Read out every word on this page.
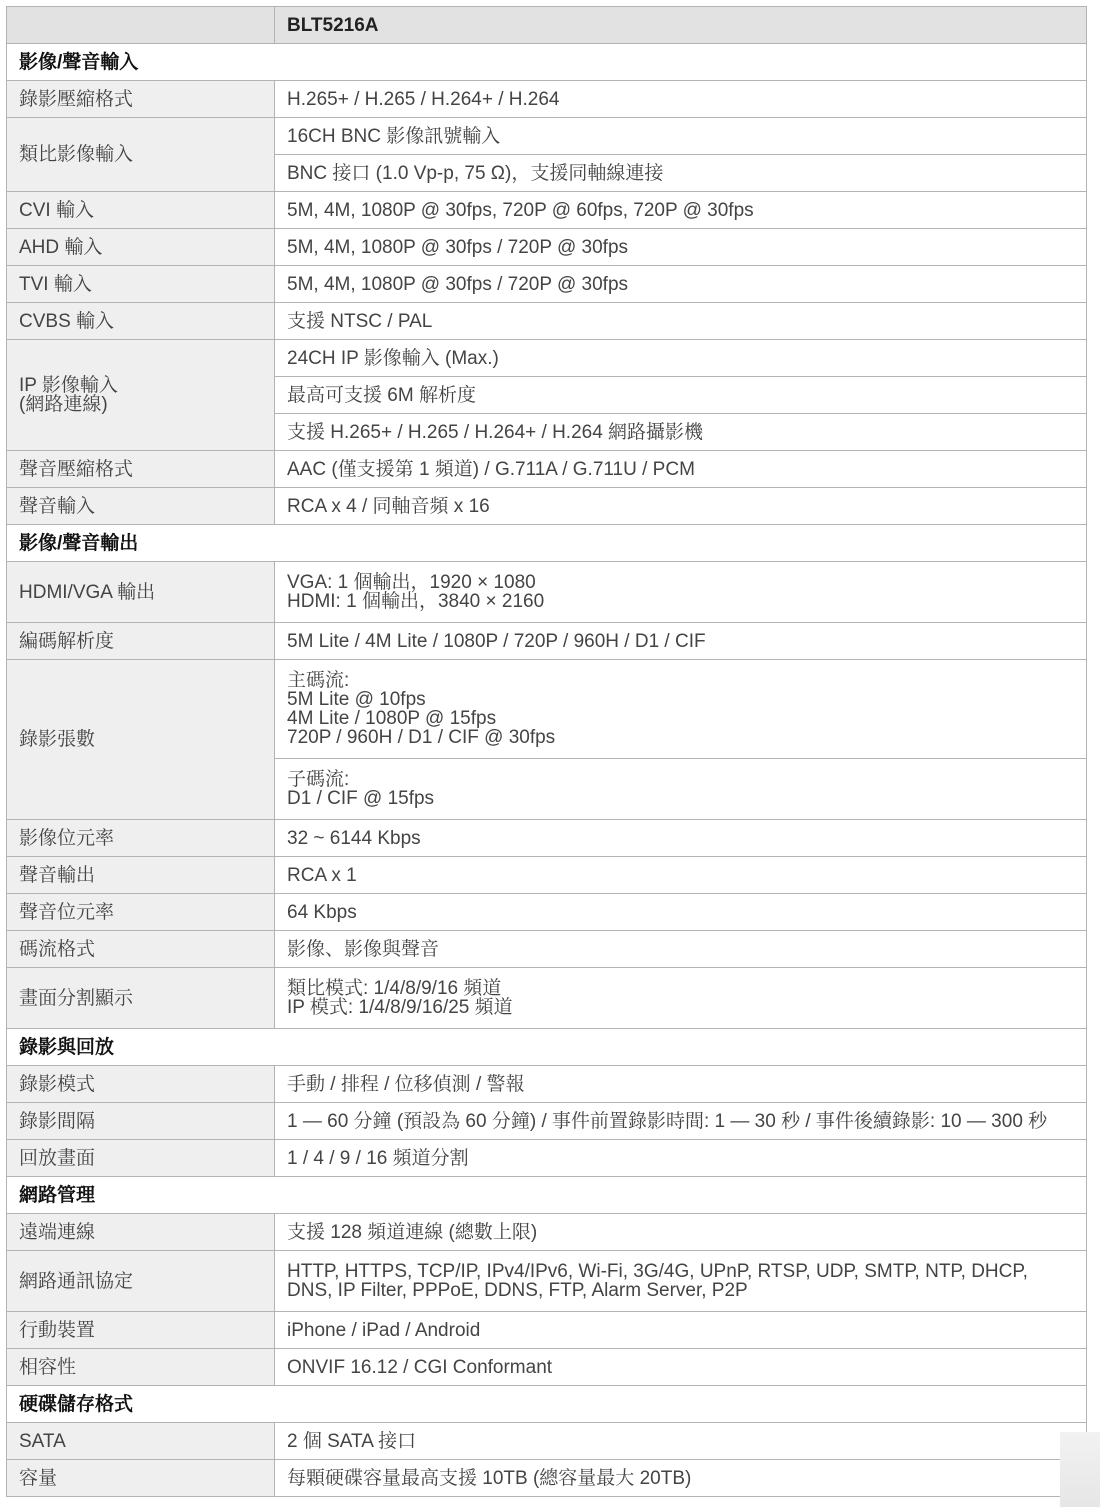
	BLT5216A
影像/聲音輸入	
錄影壓縮格式	H.265+ / H.265 / H.264+ / H.264
類比影像輸入	16CH BNC 影像訊號輸入
	BNC 接口 (1.0 Vp-p, 75 Ω)，支援同軸線連接
CVI 輸入	5M, 4M, 1080P @ 30fps, 720P @ 60fps, 720P @ 30fps
AHD 輸入	5M, 4M, 1080P @ 30fps / 720P @ 30fps
TVI 輸入	5M, 4M, 1080P @ 30fps / 720P @ 30fps
CVBS 輸入	支援 NTSC / PAL
IP 影像輸入
(網路連線)	24CH IP 影像輸入 (Max.)
	最高可支援 6M 解析度
	支援 H.265+ / H.265 / H.264+ / H.264 網路攝影機
聲音壓縮格式	AAC (僅支援第 1 頻道) / G.711A / G.711U / PCM
聲音輸入	RCA x 4 / 同軸音頻 x 16
影像/聲音輸出	
HDMI/VGA 輸出	VGA: 1 個輸出，1920 × 1080
HDMI: 1 個輸出，3840 × 2160
編碼解析度	5M Lite / 4M Lite / 1080P / 720P / 960H / D1 / CIF
錄影張數	主碼流:
5M Lite @ 10fps
4M Lite / 1080P @ 15fps
720P / 960H / D1 / CIF @ 30fps
	子碼流:
D1 / CIF @ 15fps
影像位元率	32 ~ 6144 Kbps
聲音輸出	RCA x 1
聲音位元率	64 Kbps
碼流格式	影像、影像與聲音
畫面分割顯示	類比模式: 1/4/8/9/16 頻道
IP 模式: 1/4/8/9/16/25 頻道
錄影與回放	
錄影模式	手動 / 排程 / 位移偵測 / 警報
錄影間隔	1 — 60 分鐘 (預設為 60 分鐘) / 事件前置錄影時間: 1 — 30 秒 / 事件後續錄影: 10 — 300 秒
回放畫面	1 / 4 / 9 / 16 頻道分割
網路管理	
遠端連線	支援 128 頻道連線 (總數上限)
網路通訊協定	HTTP, HTTPS, TCP/IP, IPv4/IPv6, Wi-Fi, 3G/4G, UPnP, RTSP, UDP, SMTP, NTP, DHCP,
DNS, IP Filter, PPPoE, DDNS, FTP, Alarm Server, P2P
行動裝置	iPhone / iPad / Android
相容性	ONVIF 16.12 / CGI Conformant
硬碟儲存格式	
SATA	2 個 SATA 接口
容量	每顆硬碟容量最高支援 10TB (總容量最大 20TB)
